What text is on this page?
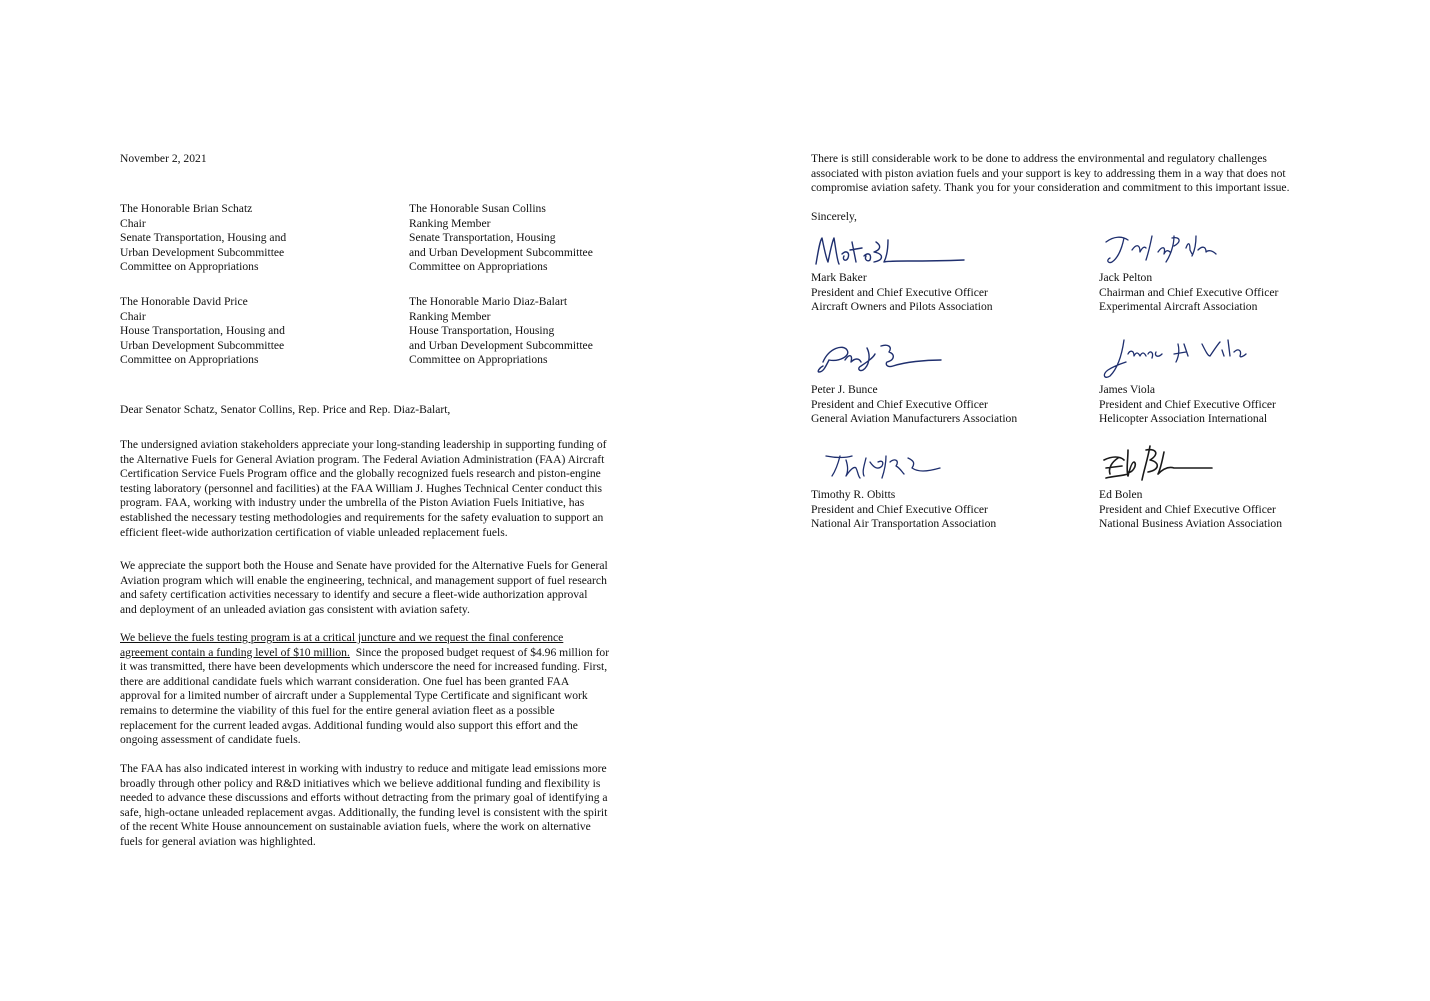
November 2, 2021
The Honorable Brian Schatz
Chair
Senate Transportation, Housing and
Urban Development Subcommittee
Committee on Appropriations
The Honorable Susan Collins
Ranking Member
Senate Transportation, Housing
and Urban Development Subcommittee
Committee on Appropriations
The Honorable David Price
Chair
House Transportation, Housing and
Urban Development Subcommittee
Committee on Appropriations
The Honorable Mario Diaz-Balart
Ranking Member
House Transportation, Housing
and Urban Development Subcommittee
Committee on Appropriations
Dear Senator Schatz, Senator Collins, Rep. Price and Rep. Diaz-Balart,
The undersigned aviation stakeholders appreciate your long-standing leadership in supporting funding of
the Alternative Fuels for General Aviation program. The Federal Aviation Administration (FAA) Aircraft
Certification Service Fuels Program office and the globally recognized fuels research and piston-engine
testing laboratory (personnel and facilities) at the FAA William J. Hughes Technical Center conduct this
program. FAA, working with industry under the umbrella of the Piston Aviation Fuels Initiative, has
established the necessary testing methodologies and requirements for the safety evaluation to support an
efficient fleet-wide authorization certification of viable unleaded replacement fuels.
We appreciate the support both the House and Senate have provided for the Alternative Fuels for General
Aviation program which will enable the engineering, technical, and management support of fuel research
and safety certification activities necessary to identify and secure a fleet-wide authorization approval
and deployment of an unleaded aviation gas consistent with aviation safety.
We believe the fuels testing program is at a critical juncture and we request the final conference
agreement contain a funding level of $10 million.  Since the proposed budget request of $4.96 million for
it was transmitted, there have been developments which underscore the need for increased funding. First,
there are additional candidate fuels which warrant consideration. One fuel has been granted FAA
approval for a limited number of aircraft under a Supplemental Type Certificate and significant work
remains to determine the viability of this fuel for the entire general aviation fleet as a possible
replacement for the current leaded avgas. Additional funding would also support this effort and the
ongoing assessment of candidate fuels.
The FAA has also indicated interest in working with industry to reduce and mitigate lead emissions more
broadly through other policy and R&D initiatives which we believe additional funding and flexibility is
needed to advance these discussions and efforts without detracting from the primary goal of identifying a
safe, high-octane unleaded replacement avgas. Additionally, the funding level is consistent with the spirit
of the recent White House announcement on sustainable aviation fuels, where the work on alternative
fuels for general aviation was highlighted.
There is still considerable work to be done to address the environmental and regulatory challenges
associated with piston aviation fuels and your support is key to addressing them in a way that does not
compromise aviation safety. Thank you for your consideration and commitment to this important issue.
Sincerely,
Mark Baker
President and Chief Executive Officer
Aircraft Owners and Pilots Association
Jack Pelton
Chairman and Chief Executive Officer
Experimental Aircraft Association
Peter J. Bunce
President and Chief Executive Officer
General Aviation Manufacturers Association
James Viola
President and Chief Executive Officer
Helicopter Association International
Timothy R. Obitts
President and Chief Executive Officer
National Air Transportation Association
Ed Bolen
President and Chief Executive Officer
National Business Aviation Association
